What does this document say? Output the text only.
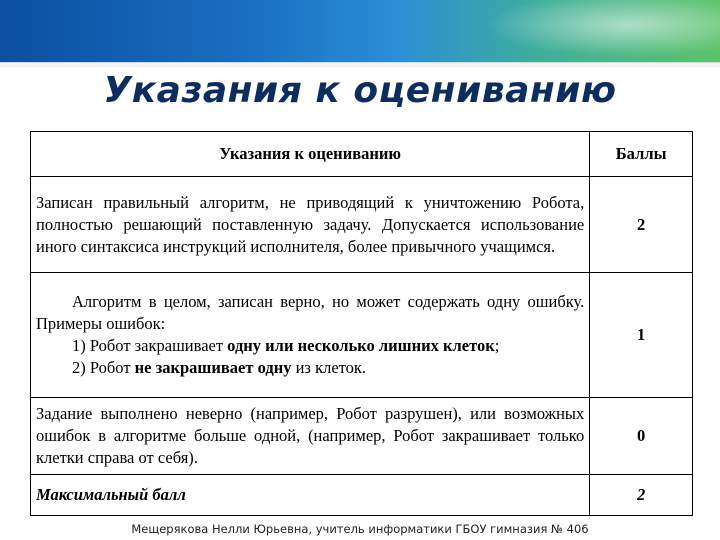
Указания к оцениванию
Указания к оцениванию	Баллы
Записан правильный алгоритм, не приводящий к уничтожению Робота, полностью решающий поставленную задачу. Допускается использование иного синтаксиса инструкций исполнителя, более привычного учащимся.	2
Алгоритм в целом, записан верно, но может содержать одну ошибку. Примеры ошибок:
1) Робот закрашивает одну или несколько лишних клеток;
2) Робот не закрашивает одну из клеток.	1
Задание выполнено неверно (например, Робот разрушен), или возможных ошибок в алгоритме больше одной, (например, Робот закрашивает только клетки справа от себя).	0
Максимальный балл	2
Мещерякова Нелли Юрьевна, учитель информатики ГБОУ гимназия № 406
